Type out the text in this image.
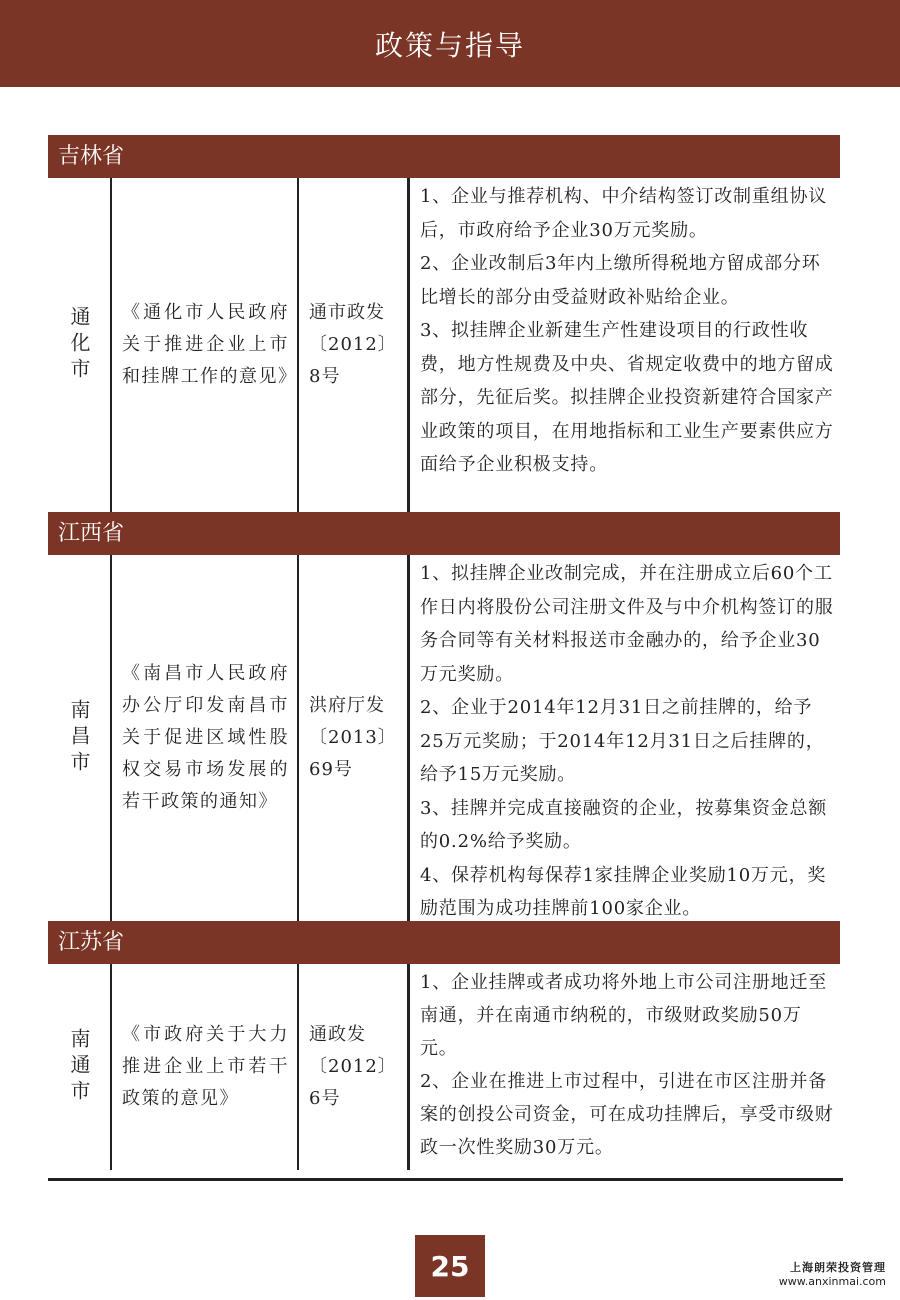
政策与指导
吉林省
通化市 《通化市人民政府关于推进企业上市和挂牌工作的意见》
通市政发〔2012〕8号

1、企业与推荐机构、中介结构签订改制重组协议后，市政府给予企业30万元奖励。

2、企业改制后3年内上缴所得税地方留成部分环比增长的部分由受益财政补贴给企业。

3、拟挂牌企业新建生产性建设项目的行政性收费，地方性规费及中央、省规定收费中的地方留成部分，先征后奖。拟挂牌企业投资新建符合国家产业政策的项目，在用地指标和工业生产要素供应方面给予企业积极支持。

江西省
南昌市
《南昌市人民政府办公厅印发南昌市关于促进区域性股权交易市场发展的若干政策的通知》
洪府厅发〔2013〕69号

1、拟挂牌企业改制完成，并在注册成立后60个工作日内将股份公司注册文件及与中介机构签订的服务合同等有关材料报送市金融办的，给予企业30万元奖励。

2、企业于2014年12月31日之前挂牌的，给予25万元奖励；于2014年12月31日之后挂牌的，给予15万元奖励。

3、挂牌并完成直接融资的企业，按募集资金总额的0.2%给予奖励。

4、保荐机构每保荐1家挂牌企业奖励10万元，奖励范围为成功挂牌前100家企业。

江苏省
南通市 《市政府关于大力推进企业上市若干政策的意见》
通政发〔2012〕6号

1、企业挂牌或者成功将外地上市公司注册地迁至南通，并在南通市纳税的，市级财政奖励50万元。

2、企业在推进上市过程中，引进在市区注册并备案的创投公司资金，可在成功挂牌后，享受市级财政一次性奖励30万元。

25	上海朗荣投资管理
www.anxinmai.com
